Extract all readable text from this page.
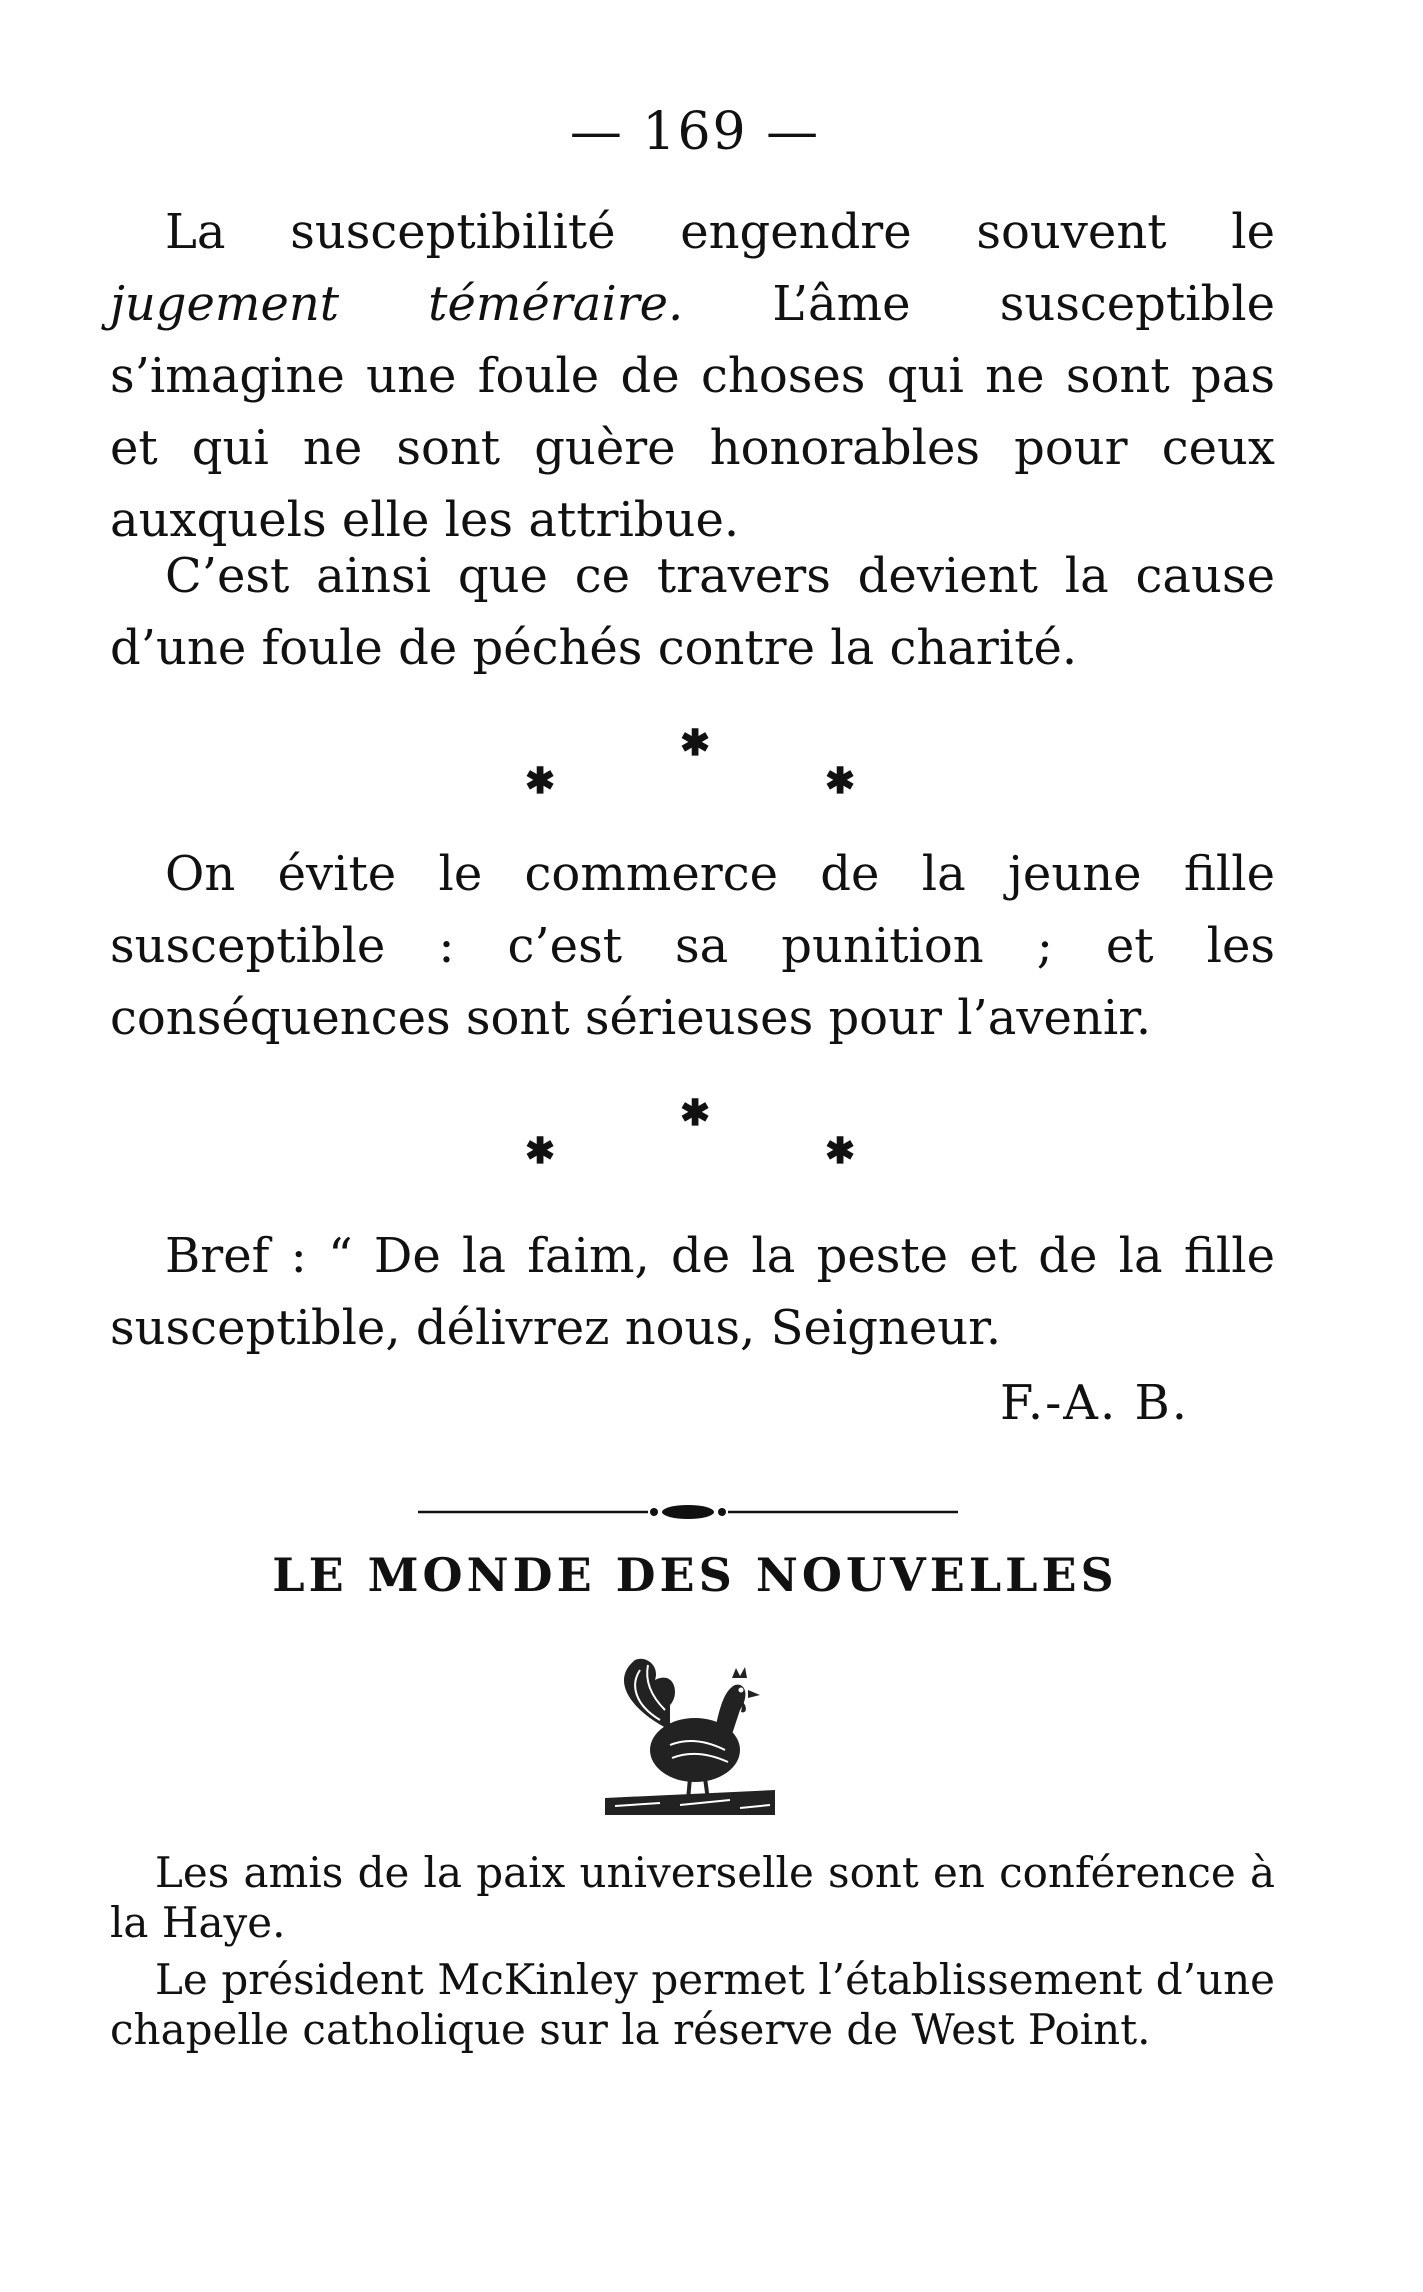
— 169 —

La susceptibilité engendre souvent le jugement téméraire. L’âme susceptible s’imagine une foule de choses qui ne sont pas et qui ne sont guère honorables pour ceux auxquels elle les attribue.

C’est ainsi que ce travers devient la cause d’une foule de péchés contre la charité.

✱
✱	✱

On évite le commerce de la jeune fille susceptible : c’est sa punition ; et les conséquences sont sérieuses pour l’avenir.

✱
✱	✱

Bref : “ De la faim, de la peste et de la fille susceptible, délivrez nous, Seigneur.

F.-A. B.
LE MONDE DES NOUVELLES

Les amis de la paix universelle sont en conférence à la Haye.

Le président McKinley permet l’établissement d’une chapelle catholique sur la réserve de West Point.
